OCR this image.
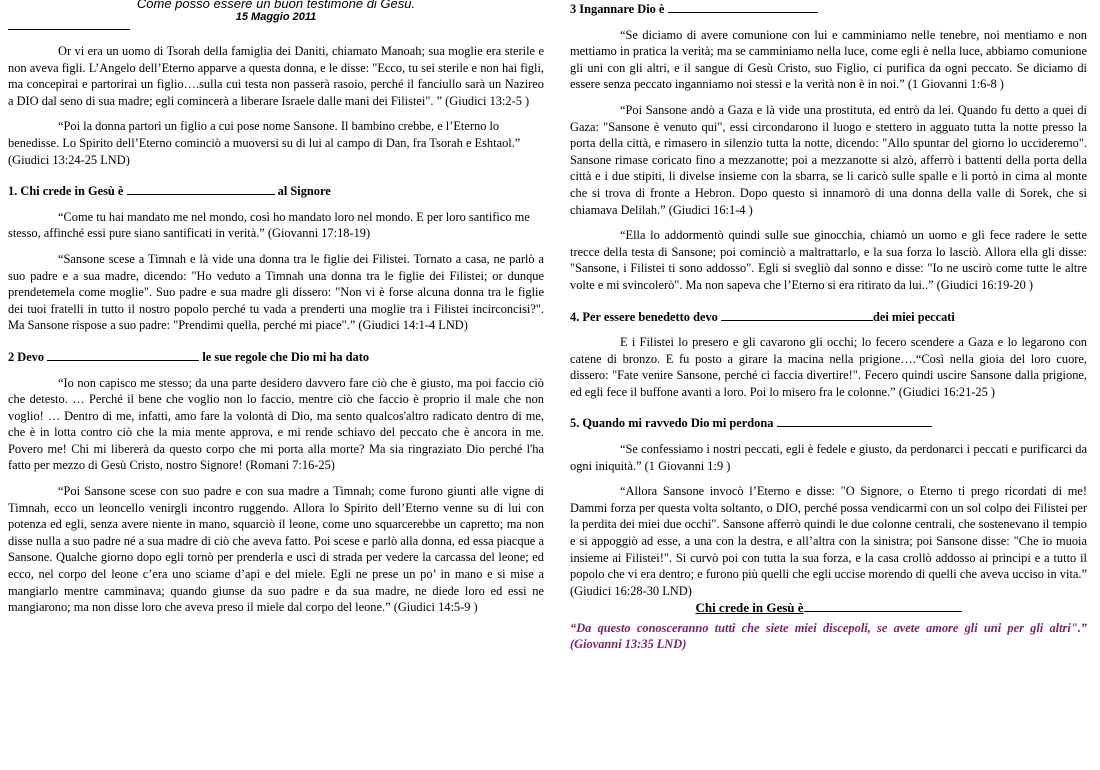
Come posso essere un buon testimone di Gesù.
15 Maggio 2011

Or vi era un uomo di Tsorah della famiglia dei Daniti, chiamato Manoah; sua moglie era sterile e non aveva figli. L’Angelo dell’Eterno apparve a questa donna, e le disse: "Ecco, tu sei sterile e non hai figli, ma concepirai e partorirai un figlio….sulla cui testa non passerà rasoio, perché il fanciullo sarà un Nazireo a DIO dal seno di sua madre; egli comincerà a liberare Israele dalle mani dei Filistei". ” (Giudici 13:2-5 )

“Poi la donna partorì un figlio a cui pose nome Sansone. Il bambino crebbe, e l’Eterno lo benedisse. Lo Spirito dell’Eterno cominciò a muoversi su di lui al campo di Dan, fra Tsorah e Eshtaol.” (Giudici 13:24-25 LND)

1. Chi crede in Gesù è	al Signore

“Come tu hai mandato me nel mondo, così ho mandato loro nel mondo. E per loro santifico me stesso, affinché essi pure siano santificati in verità.” (Giovanni 17:18-19)

“Sansone scese a Timnah e là vide una donna tra le figlie dei Filistei. Tornato a casa, ne parlò a suo padre e a sua madre, dicendo: "Ho veduto a Timnah una donna tra le figlie dei Filistei; or dunque prendetemela come moglie". Suo padre e sua madre gli dissero: "Non vi è forse alcuna donna tra le figlie dei tuoi fratelli in tutto il nostro popolo perché tu vada a prenderti una moglie tra i Filistei incirconcisi?". Ma Sansone rispose a suo padre: "Prendimi quella, perché mi piace".” (Giudici 14:1-4 LND)

2 Devo	le sue regole che Dio mi ha dato

“Io non capisco me stesso; da una parte desidero davvero fare ciò che è giusto, ma poi faccio ciò che detesto. … Perché il bene che voglio non lo faccio, mentre ciò che faccio è proprio il male che non voglio! … Dentro di me, infatti, amo fare la volontà di Dio, ma sento qualcos'altro radicato dentro di me, che è in lotta contro ciò che la mia mente approva, e mi rende schiavo del peccato che è ancora in me. Povero me! Chi mi libererà da questo corpo che mi porta alla morte? Ma sia ringraziato Dio perché l'ha fatto per mezzo di Gesù Cristo, nostro Signore! (Romani 7:16-25)

“Poi Sansone scese con suo padre e con sua madre a Timnah; come furono giunti alle vigne di Timnah, ecco un leoncello venirgli incontro ruggendo. Allora lo Spirito dell’Eterno venne su di lui con potenza ed egli, senza avere niente in mano, squarciò il leone, come uno squarcerebbe un capretto; ma non disse nulla a suo padre né a sua madre di ciò che aveva fatto. Poi scese e parlò alla donna, ed essa piacque a Sansone. Qualche giorno dopo egli tornò per prenderla e uscì di strada per vedere la carcassa del leone; ed ecco, nel corpo del leone c’era uno sciame d’api e del miele. Egli ne prese un po’ in mano e si mise a mangiarlo mentre camminava; quando giunse da suo padre e da sua madre, ne diede loro ed essi ne mangiarono; ma non disse loro che aveva preso il miele dal corpo del leone.” (Giudici 14:5-9 )

3 Ingannare Dio è

“Se diciamo di avere comunione con lui e camminiamo nelle tenebre, noi mentiamo e non mettiamo in pratica la verità; ma se camminiamo nella luce, come egli è nella luce, abbiamo comunione gli uni con gli altri, e il sangue di Gesù Cristo, suo Figlio, ci purifica da ogni peccato. Se diciamo di essere senza peccato inganniamo noi stessi e la verità non è in noi.” (1 Giovanni 1:6-8 )

“Poi Sansone andò a Gaza e là vide una prostituta, ed entrò da lei. Quando fu detto a quei di Gaza: "Sansone è venuto qui", essi circondarono il luogo e stettero in agguato tutta la notte presso la porta della città, e rimasero in silenzio tutta la notte, dicendo: "Allo spuntar del giorno lo uccideremo". Sansone rimase coricato fino a mezzanotte; poi a mezzanotte si alzò, afferrò i battenti della porta della città e i due stipiti, li divelse insieme con la sbarra, se li caricò sulle spalle e li portò in cima al monte che si trova di fronte a Hebron. Dopo questo si innamorò di una donna della valle di Sorek, che si chiamava Delilah.” (Giudici 16:1-4 )

“Ella lo addormentò quindi sulle sue ginocchia, chiamò un uomo e gli fece radere le sette trecce della testa di Sansone; poi cominciò a maltrattarlo, e la sua forza lo lasciò. Allora ella gli disse: "Sansone, i Filistei ti sono addosso". Egli si svegliò dal sonno e disse: "Io ne uscirò come tutte le altre volte e mi svincolerò". Ma non sapeva che l’Eterno si era ritirato da lui..” (Giudici 16:19-20 )

4. Per essere benedetto devo	dei miei peccati

E i Filistei lo presero e gli cavarono gli occhi; lo fecero scendere a Gaza e lo legarono con catene di bronzo. E fu posto a girare la macina nella prigione….“Così nella gioia del loro cuore, dissero: "Fate venire Sansone, perché ci faccia divertire!". Fecero quindi uscire Sansone dalla prigione, ed egli fece il buffone avanti a loro. Poi lo misero fra le colonne.” (Giudici 16:21-25 )

5. Quando mi ravvedo Dio mi perdona

“Se confessiamo i nostri peccati, egli è fedele e giusto, da perdonarci i peccati e purificarci da ogni iniquità.” (1 Giovanni 1:9 )

“Allora Sansone invocò l’Eterno e disse: "O Signore, o Eterno ti prego ricordati di me! Dammi forza per questa volta soltanto, o DIO, perché possa vendicarmi con un sol colpo dei Filistei per la perdita dei miei due occhi". Sansone afferrò quindi le due colonne centrali, che sostenevano il tempio e si appoggiò ad esse, a una con la destra, e all’altra con la sinistra; poi Sansone disse: "Che io muoia insieme ai Filistei!". Si curvò poi con tutta la sua forza, e la casa crollò addosso ai principi e a tutto il popolo che vi era dentro; e furono più quelli che egli uccise morendo di quelli che aveva ucciso in vita.” (Giudici 16:28-30 LND)

Chi crede in Gesù è

“Da questo conosceranno tutti che siete miei discepoli, se avete amore gli uni per gli altri".” (Giovanni 13:35 LND)
